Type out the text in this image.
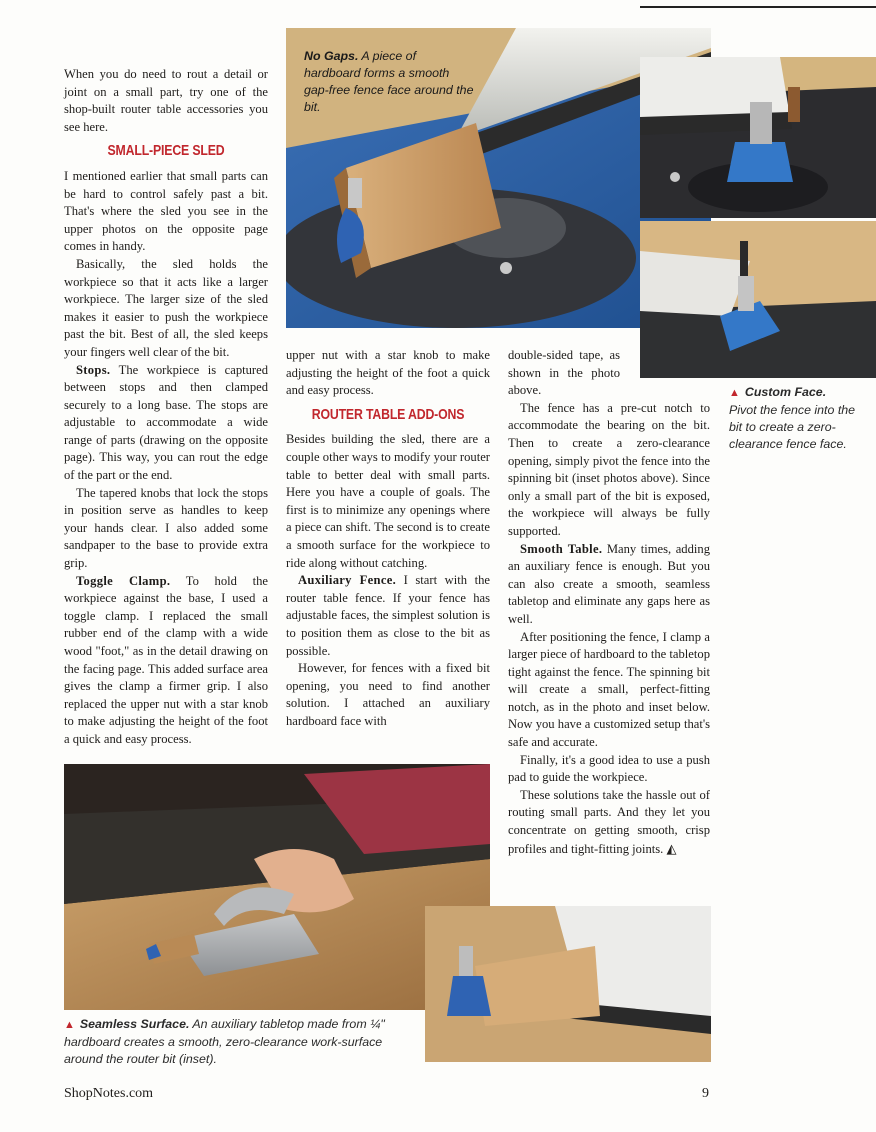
When you do need to rout a detail or joint on a small part, try one of the shop-built router table accessories you see here.

SMALL-PIECE SLED

I mentioned earlier that small parts can be hard to control safely past a bit. That's where the sled you see in the upper photos on the opposite page comes in handy.

Basically, the sled holds the workpiece so that it acts like a larger workpiece. The larger size of the sled makes it easier to push the workpiece past the bit. Best of all, the sled keeps your fingers well clear of the bit.

Stops. The workpiece is captured between stops and then clamped securely to a long base. The stops are adjustable to accommodate a wide range of parts (drawing on the opposite page). This way, you can rout the edge of the part or the end.

The tapered knobs that lock the stops in position serve as handles to keep your hands clear. I also added some sandpaper to the base to provide extra grip.

Toggle Clamp. To hold the workpiece against the base, I used a toggle clamp. I replaced the small rubber end of the clamp with a wide wood "foot," as in the detail drawing on the facing page. This added surface area gives the clamp a firmer grip. I also replaced the upper nut with a star knob to make adjusting the height of the foot a quick and easy process.

No Gaps. A piece of hardboard forms a smooth gap-free fence face around the bit.
▲ Custom Face.
Pivot the fence into the bit to create a zero-clearance fence face.

upper nut with a star knob to make adjusting the height of the foot a quick and easy process.

ROUTER TABLE ADD-ONS

Besides building the sled, there are a couple other ways to modify your router table to better deal with small parts. Here you have a couple of goals. The first is to minimize any openings where a piece can shift. The second is to create a smooth surface for the workpiece to ride along without catching.

Auxiliary Fence. I start with the router table fence. If your fence has adjustable faces, the simplest solution is to position them as close to the bit as possible.

However, for fences with a fixed bit opening, you need to find another solution. I attached an auxiliary hardboard face with

double-sided tape, as shown in the photo above.

The fence has a pre-cut notch to accommodate the bearing on the bit. Then to create a zero-clearance opening, simply pivot the fence into the spinning bit (inset photos above). Since only a small part of the bit is exposed, the workpiece will always be fully supported.

Smooth Table. Many times, adding an auxiliary fence is enough. But you can also create a smooth, seamless tabletop and eliminate any gaps here as well.

After positioning the fence, I clamp a larger piece of hardboard to the tabletop tight against the fence. The spinning bit will create a small, perfect-fitting notch, as in the photo and inset below. Now you have a customized setup that's safe and accurate.

Finally, it's a good idea to use a push pad to guide the workpiece.

These solutions take the hassle out of routing small parts. And they let you concentrate on getting smooth, crisp profiles and tight-fitting joints. ◭

▲ Seamless Surface. An auxiliary tabletop made from ¼" hardboard creates a smooth, zero-clearance work-surface around the router bit (inset).
ShopNotes.com	9
